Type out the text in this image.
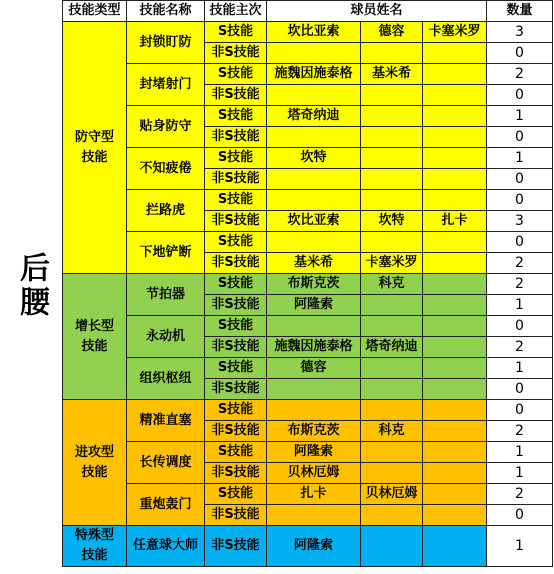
后腰
技能类型	技能名称	技能主次	球员姓名			数量
防守型
技能	封锁盯防	S技能	坎比亚索	德容	卡塞米罗	3
		非S技能				0
	封堵射门	S技能	施魏因施泰格	基米希		2
		非S技能				0
	贴身防守	S技能	塔奇纳迪			1
		非S技能				0
	不知疲倦	S技能	坎特			1
		非S技能				0
	拦路虎	S技能				0
		非S技能	坎比亚索	坎特	扎卡	3
	下地铲断	S技能				0
		非S技能	基米希	卡塞米罗		2
增长型
技能	节拍器	S技能	布斯克茨	科克		2
		非S技能	阿隆索			1
	永动机	S技能				0
		非S技能	施魏因施泰格	塔奇纳迪		2
	组织枢纽	S技能	德容			1
		非S技能				0
进攻型
技能	精准直塞	S技能				0
		非S技能	布斯克茨	科克		2
	长传调度	S技能	阿隆索			1
		非S技能	贝林厄姆			1
	重炮轰门	S技能	扎卡	贝林厄姆		2
		非S技能				0
特殊型
技能	任意球大师	非S技能	阿隆索			1
